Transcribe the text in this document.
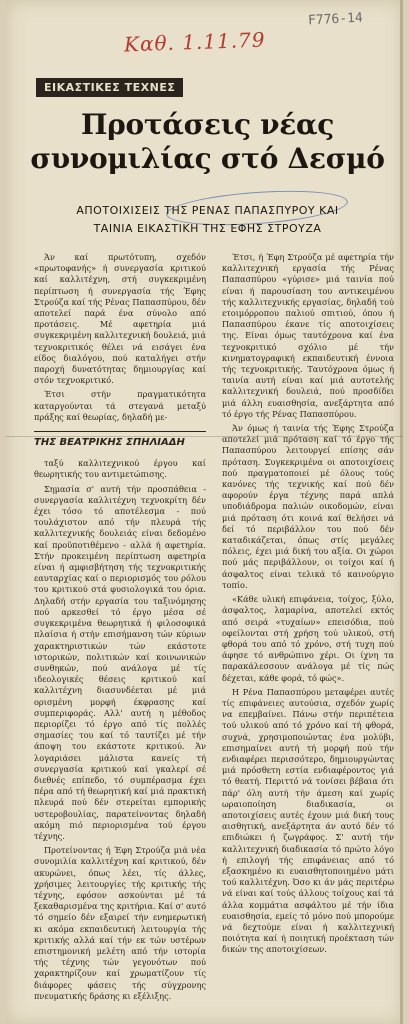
Καθ. 1.11.79
F776-14
ΕΙΚΑΣΤΙΚΕΣ ΤΕΧΝΕΣ
Προτάσεις νέας συνομιλίας στό Δεσμό
ΑΠΟΤΟΙΧΙΣΕΙΣ ΤΗΣ ΡΕΝΑΣ ΠΑΠΑΣΠΥΡΟΥ ΚΑΙ
ΤΑΙΝΙΑ ΕΙΚΑΣΤΙΚΗ ΤΗΣ ΕΦΗΣ ΣΤΡΟΥΖΑ

Άν καί πρωτότυπη, σχεδόν «πρωτοφανής» ή συνεργασία κριτικού καί καλλιτέχνη, στή συγκεκριμένη περίπτωση ή συνεργασία τής Έφης Στρούζα καί τής Ρένας Παπασπύρου, δέν αποτελεί παρά ένα σύνολο από προτάσεις. Μέ αφετηρία μιά συγκεκριμένη καλλιτεχνική δουλειά, μιά τεχνοκριτικός θέλει νά εισάγει ένα είδος διαλόγου, πού καταλήγει στήν παροχή δυνατότητας δημιουργίας καί στόν τεχνοκριτικό.

Έτσι στήν πραγματικότητα καταργούνται τά στεγανά μεταξύ πράξης καί θεωρίας, δηλαδή με-

ΤΗΣ ΒΕΑΤΡΙΚΗΣ ΣΠΗΛΙΑΔΗ

ταξύ καλλιτεχνικού έργου καί θεωρητικής του αντιμετώπισης.

Σημασία σ' αυτή τήν προσπάθεια - συνεργασία καλλιτέχνη τεχνοκρίτη δέν έχει τόσο τό αποτέλεσμα - πού τουλάχιστον από τήν πλευρά τής καλλιτεχνικής δουλειάς είναι δεδομένο καί προϋποτιθέμενο - αλλά ή αφετηρία. Στήν προκειμένη περίπτωση αφετηρία είναι ή αμφισβήτηση τής τεχνοκριτικής εαυταρχίας καί ο περιορισμός του ρόλου του κριτικού στά φυσιολογικά του όρια. Δηλαδή στήν εργασία του ταξινόμησης πού αρκεσθεί τό έργο μέσα σέ συγκεκριμένα θεωρητικά ή φιλοσοφικά πλαίσια ή στήν επισήμανση τών κύριων χαρακτηριστικών τών εκάστοτε ιστορικών, πολιτικών καί κοινωνικών συνθηκών, πού ανάλογα μέ τίς ιδεολογικές θέσεις κριτικού καί καλλιτέχνη διασυνδέεται μέ μιά ορισμένη μορφή έκφρασης καί συμπεριφοράς. Αλλ' αυτή η μέθοδος περιορίζει τό έργο από τίς πολλές σημασίες του καί τό ταυτίζει μέ τήν άποψη του εκάστοτε κριτικού. Άν λογαριάσει μάλιστα κανείς τή συνεργασία κριτικού καί γκαλερί σέ διεθνές επίπεδο, τό συμπέρασμα έχει πέρα από τή θεωρητική καί μιά πρακτική πλευρά πού δέν στερείται εμπορικής υστεροβουλίας, παρατείνοντας δηλαδή ακόμη πιό περιορισμένα τού έργου τέχνης.

Προτείνοντας ή Έφη Στρούζα μιά νέα συνομιλία καλλιτέχνη καί κριτικού, δέν ακυρώνει, όπως λέει, τίς άλλες, χρήσιμες λειτουργίες τής κριτικής τής τέχνης, εφόσον ασκούνται μέ τά ξεκαθαρισμένα της κριτήρια. Καί σ' αυτό τό σημείο δέν εξαιρεί τήν ενημερωτική κι ακόμα εκπαιδευτική λειτουργία τής κριτικής αλλά καί τήν εκ τών υστέρων επιστημονική μελέτη από τήν ιστορία τής τέχνης τών γεγονότων πού χαρακτηρίζουν καί χρωματίζουν τίς διάφορες φάσεις τής σύγχρονης πνευματικής δράσης κι εξέλιξης.

Έτσι, ή Έφη Στρούζα μέ αφετηρία τήν καλλιτεχνική εργασία τής Ρένας Παπασπύρου «γύρισε» μιά ταινία πού είναι ή παρουσίαση του αντικειμένου τής καλλιτεχνικής εργασίας, δηλαδή τού ετοιμόρροπου παλιού σπιτιού, όπου ή Παπασπύρου έκανε τίς αποτοιχίσεις της. Είναι όμως ταυτόχρονα καί ένα τεχνοκριτικό σχόλιο μέ τήν κινηματογραφική εκπαιδευτική έννοια τής τεχνοκριτικής. Ταυτόχρονα όμως ή ταινία αυτή είναι καί μιά αυτοτελής καλλιτεχνική δουλειά, πού προσδίδει μιά άλλη ευαισθησία, ανεξάρτητα από τό έργο τής Ρένας Παπασπύρου.

Άν όμως ή ταινία τής Έφης Στρούζα αποτελεί μιά πρόταση καί τό έργο τής Παπασπύρου λειτουργεί επίσης σάν πρόταση. Συγκεκριμένα οι αποτοιχίσεις πού πραγματοποιεί μέ όλους τούς κανόνες τής τεχνικής καί πού δέν αφορούν έργα τέχνης παρά απλά υποδιάδρομα παλιών οικοδομών, είναι μιά πρόταση ότι κοινά καί θελήσει νά δεί τό περιβάλλον του πού δέν καταδικάζεται, όπως στίς μεγάλες πόλεις, έχει μιά δική του αξία. Οι χώροι πού μάς περιβάλλουν, οι τοίχοι καί ή άσφαλτος είναι τελικά τό καινούργιο τοπίο.

«Κάθε υλική επιφάνεια, τοίχος, ξύλο, άσφαλτος, λαμαρίνα, αποτελεί εκτός από σειρά «τυχαίων» επεισόδια, πού οφείλονται στή χρήση τού υλικού, στή φθορά του από τό χρόνο, στή τυχη πού άφησε τό ανθρώπινο χέρι. Οι ίχνη τα παρακάλεσσουν ανάλογα μέ τίς πώς δέχεται, κάθε φορά, τό φώς».

Η Ρένα Παπασπύρου μεταφέρει αυτές τίς επιφάνειες αυτούσια, σχεδόν χωρίς να επεμβαίνει. Πάνω στήν περιπέτεια τού υλικού από τό χρόνο καί τή φθορά, συχνά, χρησιμοποιώντας ένα μολύβι, επισημαίνει αυτή τή μορφή πού τήν ενδιαφέρει περισσότερο, δημιουργώντας μιά πρόσθετη εστία ενδιαφέροντος γιά τό θεατή. Περιττό νά τονίσει βέβαια ότι πάρ' όλη αυτή τήν άμεση καί χωρίς ωραιοποίηση διαδικασία, οι αποτοιχίσεις αυτές έχουν μιά δική τους αισθητική, ανεξάρτητα άν αυτό δέν τό επιδιώκει ή ζωγράφος. Σ' αυτή τήν καλλιτεχνική διαδικασία τό πρώτο λόγο ή επιλογή τής επιφάνειας από τό εξασκημένο κι ευαισθητοποιημένο μάτι τού καλλιτέχνη. Όσο κι άν μάς περιτέρω νά είναι καί τούς άλλους τοίχους καί τά άλλα κομμάτια ασφάλτου μέ τήν ίδια ευαισθησία, εμείς τό μόνο πού μπορούμε νά δεχτούμε είναι ή καλλιτεχνική ποιότητα καί ή ποιητική προέκταση τών δικών της αποτοιχίσεων.
